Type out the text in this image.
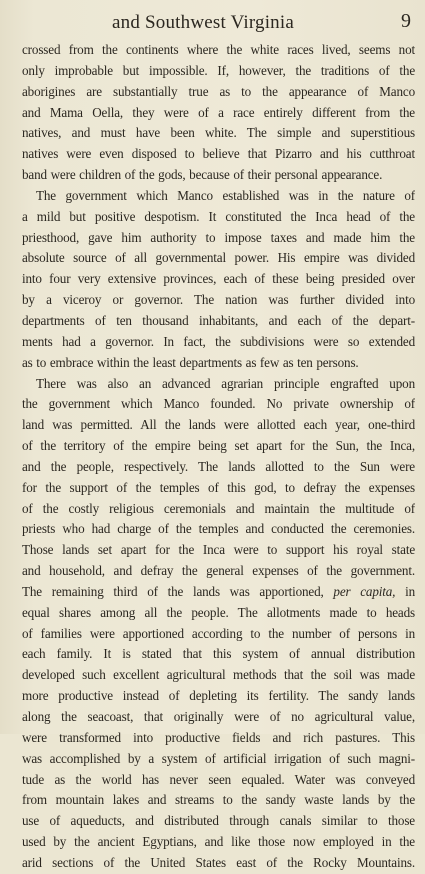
and Southwest Virginia	9
crossed from the continents where the white races lived, seems not
only improbable but impossible. If, however, the traditions of the
aborigines are substantially true as to the appearance of Manco
and Mama Oella, they were of a race entirely different from the
natives, and must have been white. The simple and superstitious
natives were even disposed to believe that Pizarro and his cutthroat
band were children of the gods, because of their personal appearance.
The government which Manco established was in the nature of
a mild but positive despotism. It constituted the Inca head of the
priesthood, gave him authority to impose taxes and made him the
absolute source of all governmental power. His empire was divided
into four very extensive provinces, each of these being presided over
by a viceroy or governor. The nation was further divided into
departments of ten thousand inhabitants, and each of the depart-
ments had a governor. In fact, the subdivisions were so extended
as to embrace within the least departments as few as ten persons.
There was also an advanced agrarian principle engrafted upon
the government which Manco founded. No private ownership of
land was permitted. All the lands were allotted each year, one-third
of the territory of the empire being set apart for the Sun, the Inca,
and the people, respectively. The lands allotted to the Sun were
for the support of the temples of this god, to defray the expenses
of the costly religious ceremonials and maintain the multitude of
priests who had charge of the temples and conducted the ceremonies.
Those lands set apart for the Inca were to support his royal state
and household, and defray the general expenses of the government.
The remaining third of the lands was apportioned, per capita, in
equal shares among all the people. The allotments made to heads
of families were apportioned according to the number of persons in
each family. It is stated that this system of annual distribution
developed such excellent agricultural methods that the soil was made
more productive instead of depleting its fertility. The sandy lands
along the seacoast, that originally were of no agricultural value,
were transformed into productive fields and rich pastures. This
was accomplished by a system of artificial irrigation of such magni-
tude as the world has never seen equaled. Water was conveyed
from mountain lakes and streams to the sandy waste lands by the
use of aqueducts, and distributed through canals similar to those
used by the ancient Egyptians, and like those now employed in the
arid sections of the United States east of the Rocky Mountains.
